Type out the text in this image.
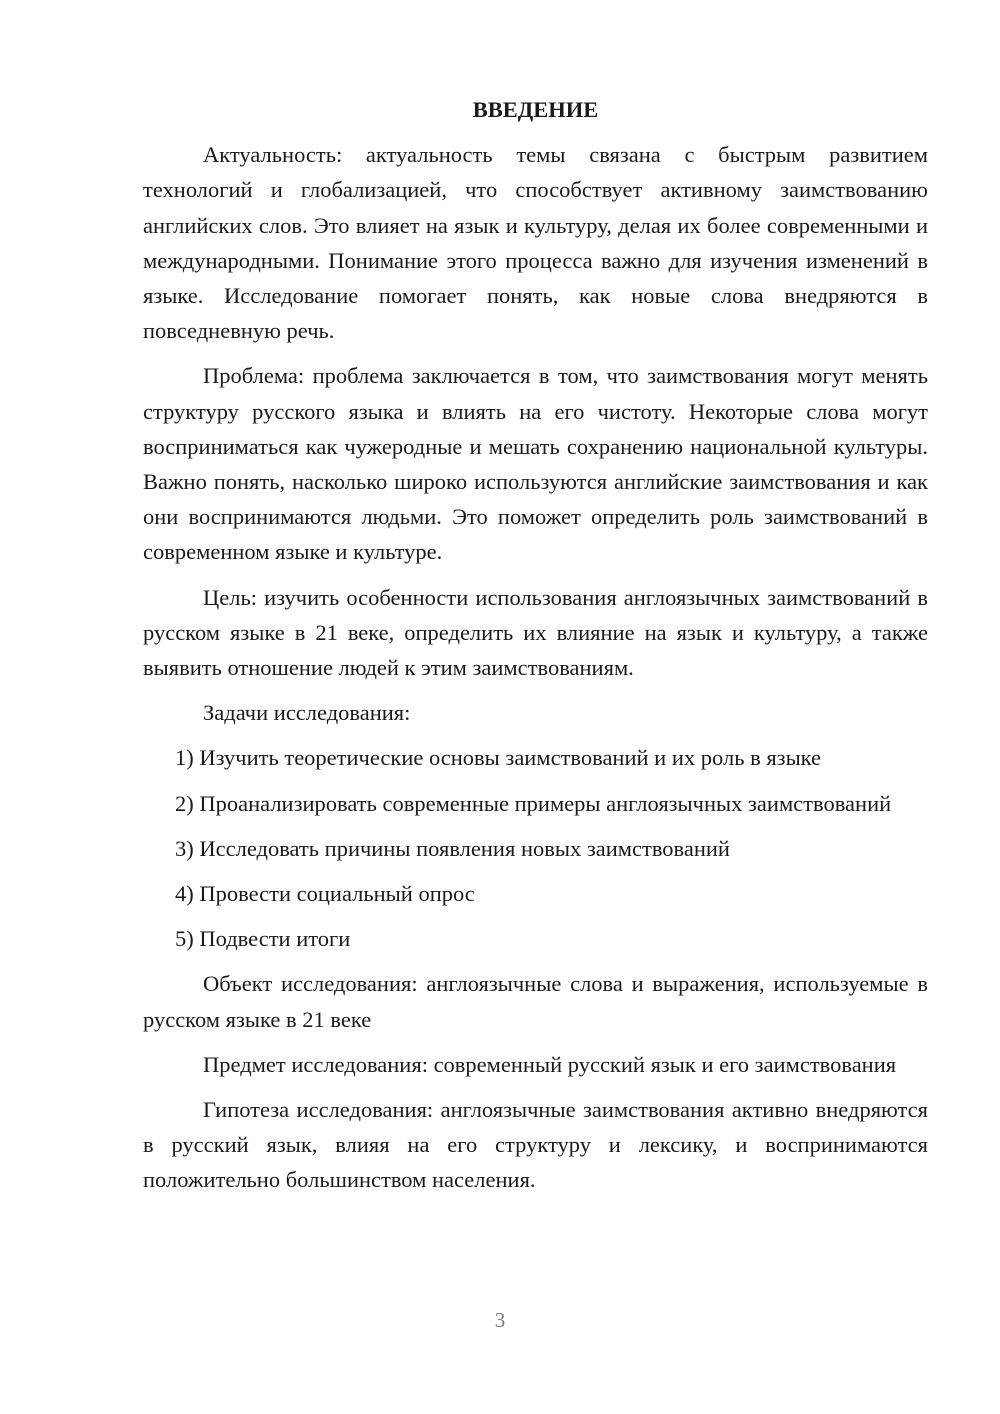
ВВЕДЕНИЕ

Актуальность: актуальность темы связана с быстрым развитием технологий и глобализацией, что способствует активному заимствованию английских слов. Это влияет на язык и культуру, делая их более современными и международными. Понимание этого процесса важно для изучения изменений в языке. Исследование помогает понять, как новые слова внедряются в повседневную речь.

Проблема: проблема заключается в том, что заимствования могут менять структуру русского языка и влиять на его чистоту. Некоторые слова могут восприниматься как чужеродные и мешать сохранению национальной культуры. Важно понять, насколько широко используются английские заимствования и как они воспринимаются людьми. Это поможет определить роль заимствований в современном языке и культуре.

Цель: изучить особенности использования англоязычных заимствований в русском языке в 21 веке, определить их влияние на язык и культуру, а также выявить отношение людей к этим заимствованиям.

Задачи исследования:

1) Изучить теоретические основы заимствований и их роль в языке

2) Проанализировать современные примеры англоязычных заимствований

3) Исследовать причины появления новых заимствований

4) Провести социальный опрос

5) Подвести итоги

Объект исследования: англоязычные слова и выражения, используемые в русском языке в 21 веке

Предмет исследования: современный русский язык и его заимствования

Гипотеза исследования: англоязычные заимствования активно внедряются в русский язык, влияя на его структуру и лексику, и воспринимаются положительно большинством населения.

3
